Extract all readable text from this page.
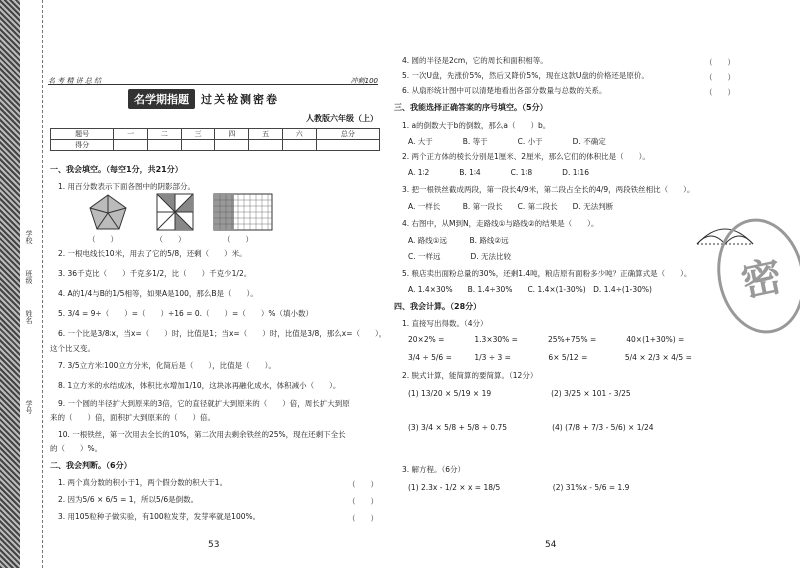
学校
班级
姓名
学号
名 考 精 讲 总 结	冲刺100
名学期指题	过关检测密卷
人教版六年级（上）
题号	一	二	三	四	五	六	总分
得分							
一、我会填空。（每空1分，共21分）
1. 用百分数表示下面各图中的阴影部分。
（　　）　　　　　　（　　）　　　　　　（　　）
2. 一根电线长10米，用去了它的5/8，还剩（　　）米。
3. 36千克比（　　）千克多1/2，比（　　）千克少1/2。
4. A的1/4与B的1/5相等，如果A是100，那么B是（　　）。
5. 3/4 = 9÷（　　）=（　　）÷16 = 0.（　　）=（　　）%（填小数）
6. 一个比是3/8∶x，当x=（　　）时，比值是1；当x=（　　）时，比值是3/8，那么x=（　　），
这个比又变。
7. 3/5立方米∶100立方分米，化简后是（　　），比值是（　　）。
8. 1立方米的水结成冰，体积比水增加1/10，这块冰再融化成水，体积减小（　　）。
9. 一个圆的半径扩大到原来的3倍，它的直径就扩大到原来的（　　）倍，周长扩大到原
来的（　　）倍，面积扩大到原来的（　　）倍。
10. 一根铁丝，第一次用去全长的10%，第二次用去剩余铁丝的25%，现在还剩下全长
的（　　）%。
二、我会判断。（6分）
1. 两个真分数的积小于1，两个假分数的积大于1。
2. 因为5/6 × 6/5 = 1，所以5/6是倒数。
3. 用105粒种子做实验，有100粒发芽，发芽率就是100%。
（　　）
（　　）
（　　）
53
4. 圆的半径是2cm，它的周长和面积相等。
5. 一次U盘，先涨价5%，然后又降价5%，现在这款U盘的价格还是原价。
6. 从扇形统计图中可以清楚地看出各部分数量与总数的关系。
（　　）
（　　）
（　　）
三、我能选择正确答案的序号填空。（5分）
1. a的倒数大于b的倒数，那么a（　　）b。
A. 大于　　　　B. 等于　　　　C. 小于　　　　D. 不确定
2. 两个正方体的棱长分别是1厘米、2厘米，那么它们的体积比是（　　）。
A. 1∶2　　　　B. 1∶4　　　　C. 1∶8　　　　D. 1∶16
3. 把一根铁丝截成两段，第一段长4/9米，第二段占全长的4/9，两段铁丝相比（　　）。
A. 一样长　　　B. 第一段长　　C. 第二段长　　D. 无法判断
4. 右图中，从M到N，走路线①与路线②的结果是（　　）。
A. 路线①远　　　B. 路线②远
C. 一样远　　　　D. 无法比较
5. 粮店卖出面粉总量的30%，还剩1.4吨，粮店原有面粉多少吨？正确算式是（　　）。
A. 1.4×30%　　B. 1.4÷30%　　C. 1.4×(1-30%)　D. 1.4÷(1-30%)
四、我会计算。（28分）
1. 直接写出得数。（4分）
20×2% =　　　　1.3×30% =　　　　25%+75% =　　　　40×(1+30%) =
3/4 ÷ 5/6 =　　　1/3 ÷ 3 =　　　　　6× 5/12 =　　　　　5/4 × 2/3 × 4/5 =
2. 脱式计算，能简算的要简算。（12分）
(1) 13/20 × 5/19 × 19　　　　　　　　(2) 3/25 × 101 - 3/25
(3) 3/4 × 5/8 + 5/8 ÷ 0.75　　　　　　(4) (7/8 + 7/3 - 5/6) × 1/24
3. 解方程。（6分）
(1) 2.3x - 1/2 × x = 18/5　　　　　　　(2) 31%x - 5/6 = 1.9
54
密
